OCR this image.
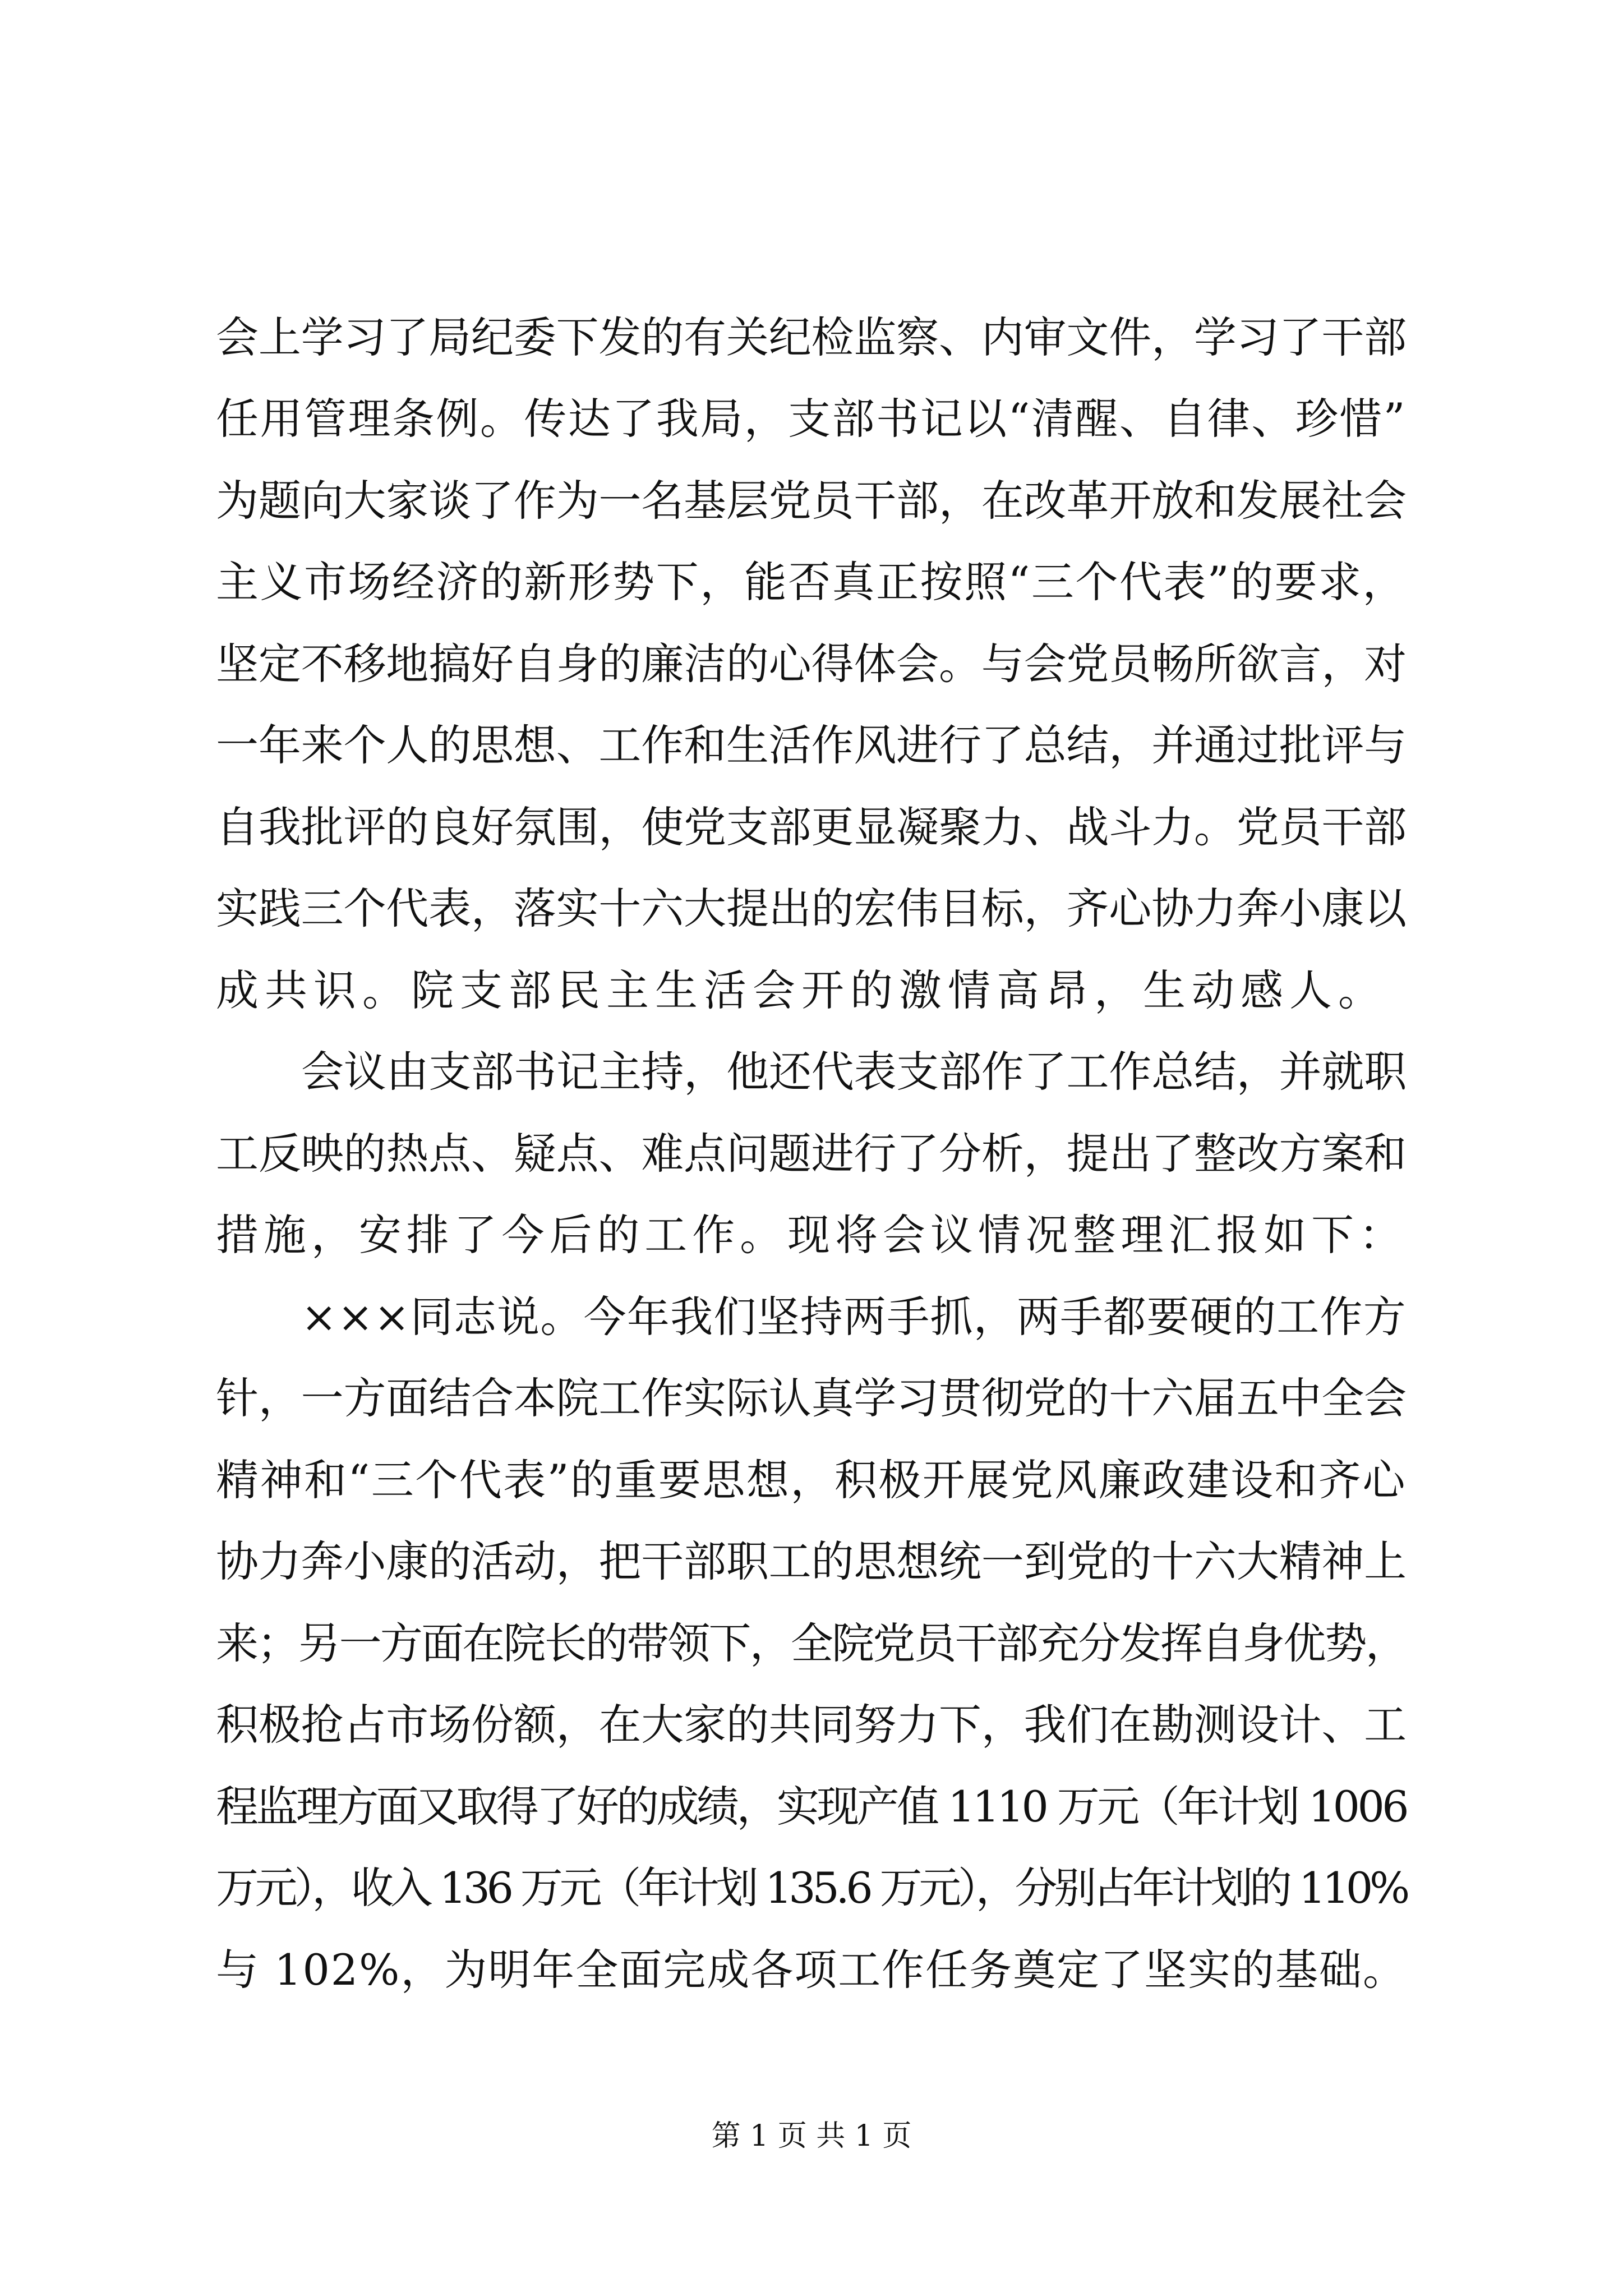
会上学习了局纪委下发的有关纪检监察、内审文件，学习了干部
任用管理条例。传达了我局，支部书记以“清醒、自律、珍惜”
为题向大家谈了作为一名基层党员干部，在改革开放和发展社会
主义市场经济的新形势下，能否真正按照“三个代表”的要求，
坚定不移地搞好自身的廉洁的心得体会。与会党员畅所欲言，对
一年来个人的思想、工作和生活作风进行了总结，并通过批评与
自我批评的良好氛围，使党支部更显凝聚力、战斗力。党员干部
实践三个代表，落实十六大提出的宏伟目标，齐心协力奔小康以
成共识。院支部民主生活会开的激情高昂，生动感人。
会议由支部书记主持，他还代表支部作了工作总结，并就职
工反映的热点、疑点、难点问题进行了分析，提出了整改方案和
措施，安排了今后的工作。现将会议情况整理汇报如下：
×××同志说。今年我们坚持两手抓，两手都要硬的工作方
针，一方面结合本院工作实际认真学习贯彻党的十六届五中全会
精神和“三个代表”的重要思想，积极开展党风廉政建设和齐心
协力奔小康的活动，把干部职工的思想统一到党的十六大精神上
来；另一方面在院长的带领下，全院党员干部充分发挥自身优势，
积极抢占市场份额，在大家的共同努力下，我们在勘测设计、工
程监理方面又取得了好的成绩，实现产值 1110 万元（年计划 1006
万元），收入 136 万元（年计划 135.6 万元），分别占年计划的 110%
与 102%，为明年全面完成各项工作任务奠定了坚实的基础。
第 1 页 共 1 页
